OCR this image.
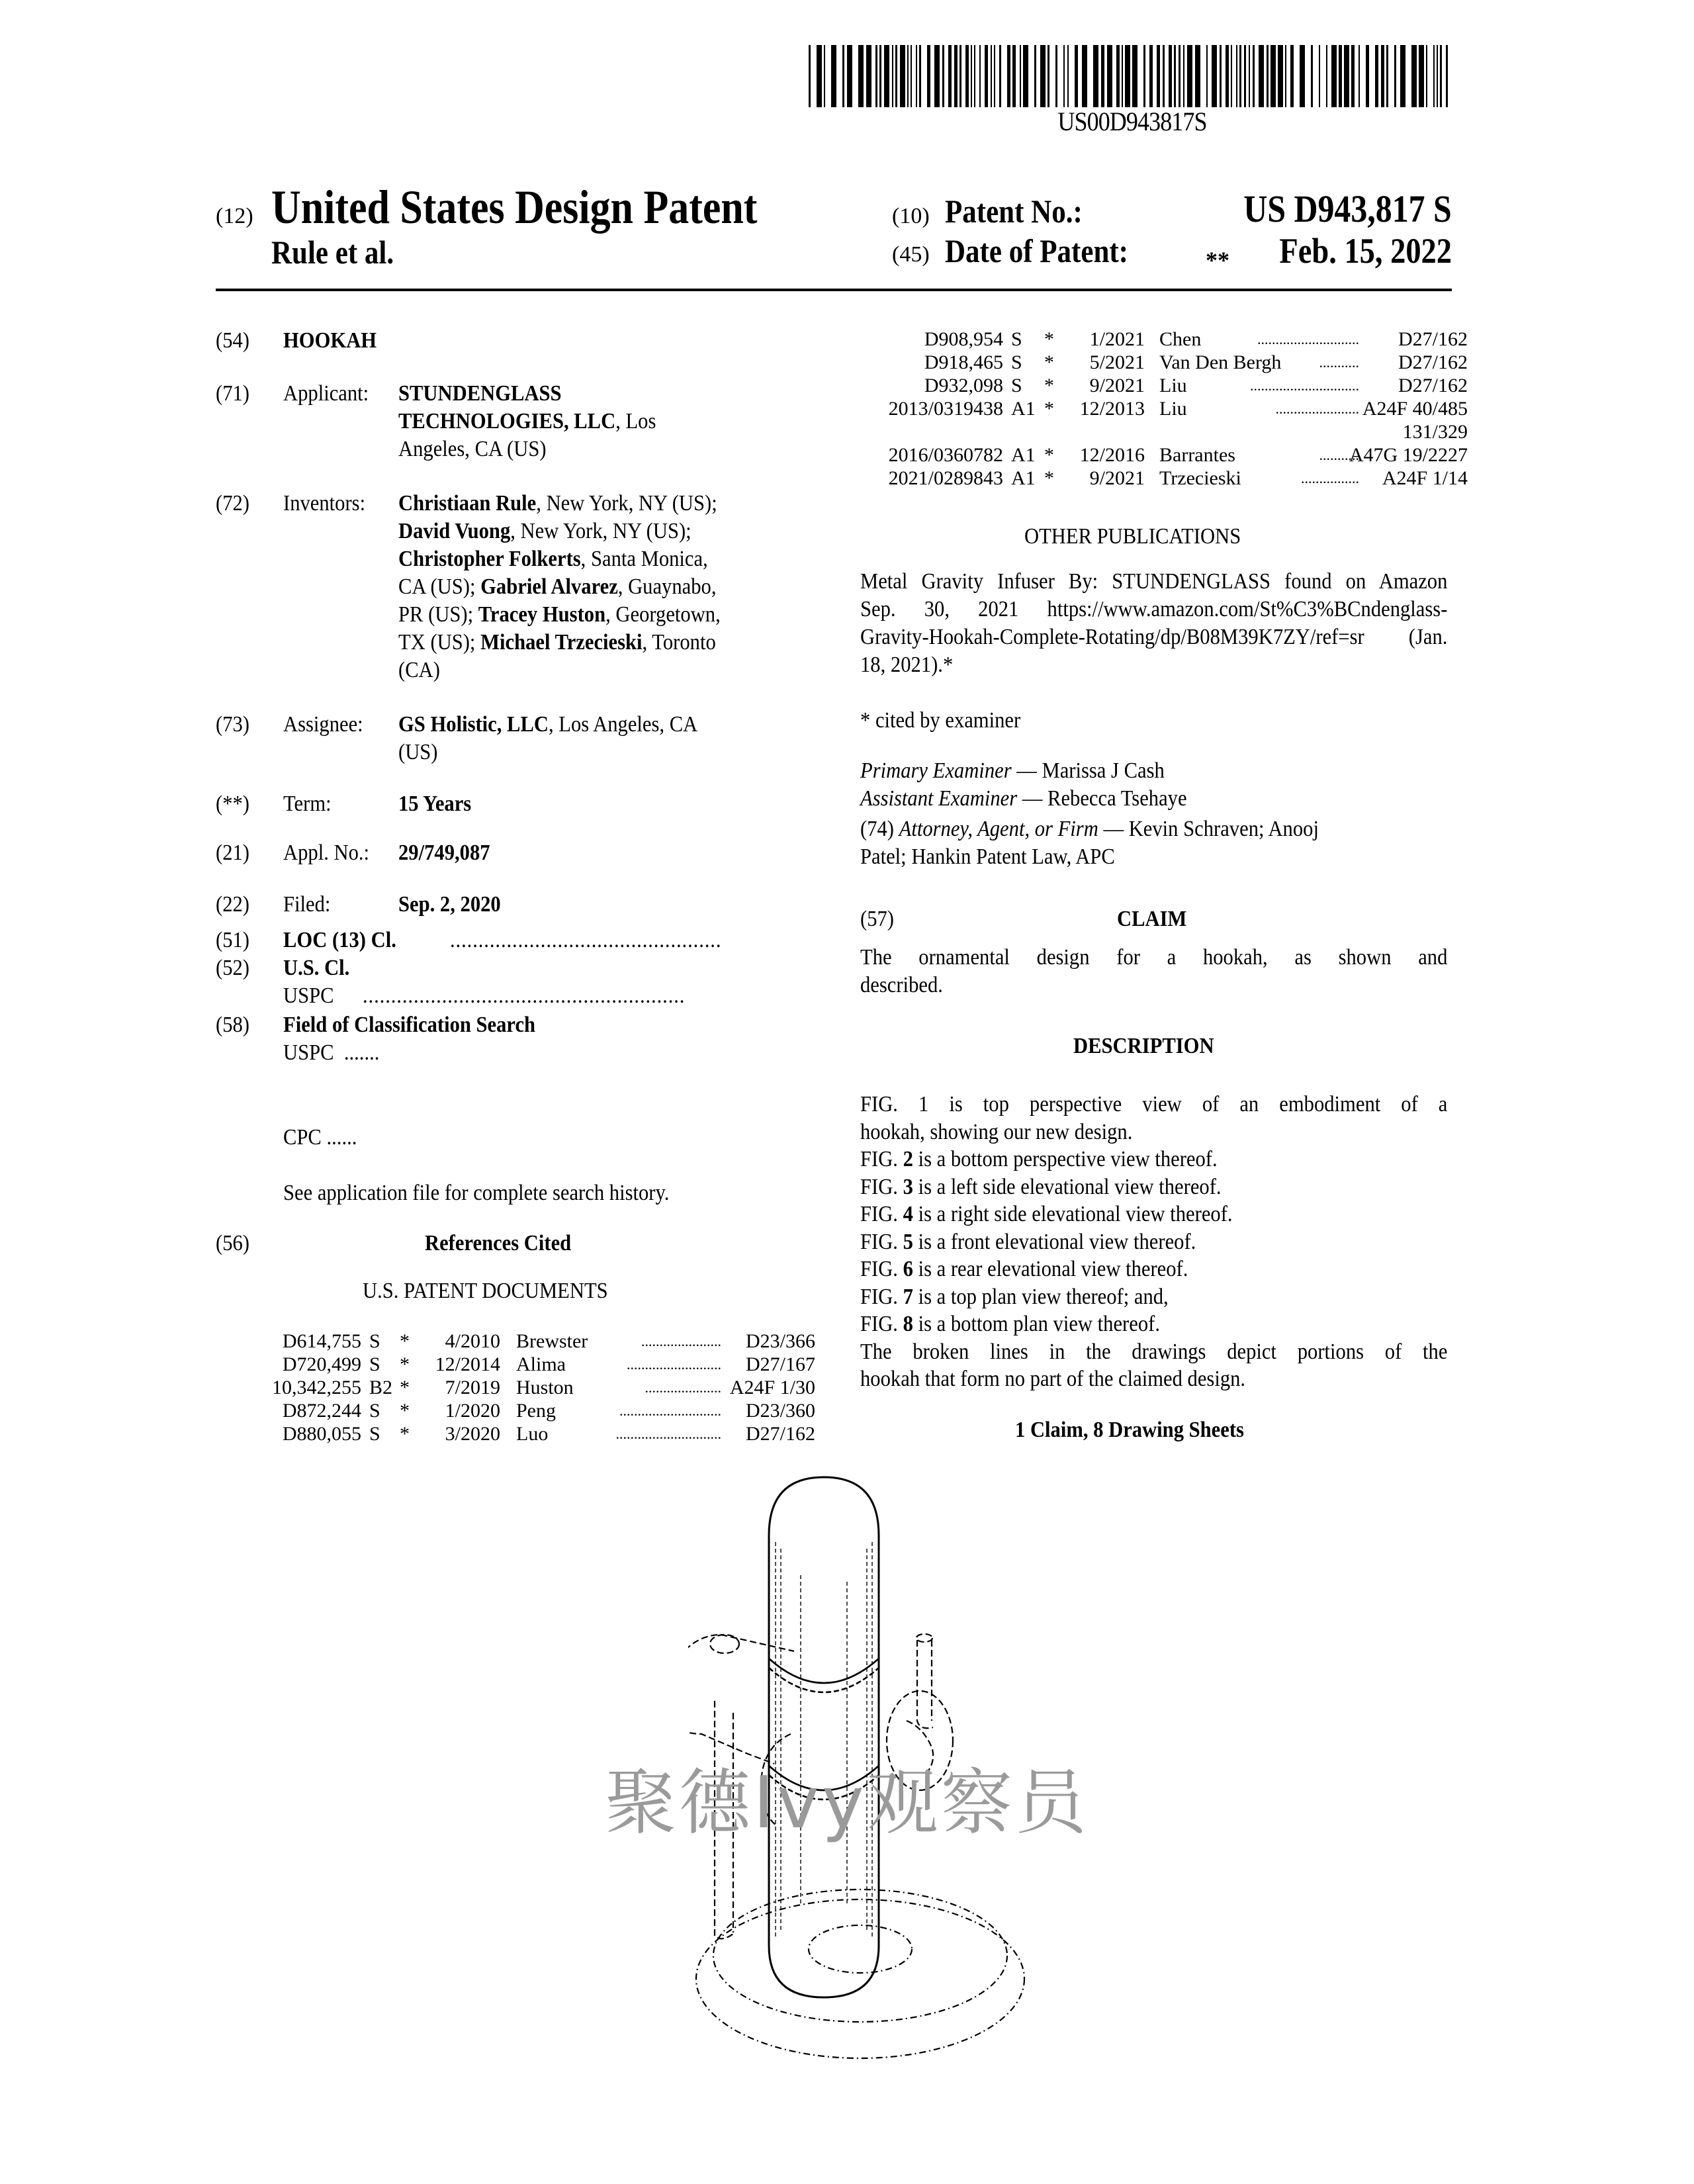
US00D943817S
(12) United States Design Patent
Rule et al.
(10) Patent No.:	US D943,817 S
(45) Date of Patent:	** Feb. 15, 2022
(54) HOOKAH
(71) Applicant: STUNDENGLASS
TECHNOLOGIES, LLC, Los
Angeles, CA (US)
(72) Inventors: Christiaan Rule, New York, NY (US);
David Vuong, New York, NY (US);
Christopher Folkerts, Santa Monica,
CA (US); Gabriel Alvarez, Guaynabo,
PR (US); Tracey Huston, Georgetown,
TX (US); Michael Trzecieski, Toronto
(CA)
(73) Assignee: GS Holistic, LLC, Los Angeles, CA
(US)
(**) Term:	15 Years
(21) Appl. No.: 29/749,087
(22) Filed:	Sep. 2, 2020
(51) LOC (13) Cl. ................................................
(52) U.S. Cl.
USPC .........................................................
(58) Field of Classification Search
USPC .......
CPC ......
See application file for complete search history.
(56)	References Cited
U.S. PATENT DOCUMENTS
D614,755 S * 4/2010 Brewster	D23/366
......................
D720,499 S * 12/2014 Alima	D27/167
..........................
10,342,255 B2 * 7/2019 Huston	A24F 1/30
.....................
D872,244 S * 1/2020 Peng	D23/360
............................
D880,055 S * 3/2020 Luo	D27/162
.............................
D908,954 S * 1/2021 Chen	D27/162
............................
D918,465 S * 5/2021 Van Den Bergh	D27/162
...........
D932,098 S * 9/2021 Liu	D27/162
..............................
2013/0319438 A1 * 12/2013 Liu	A24F 40/485
.......................
131/329
2016/0360782 A1 * 12/2016 Barrantes	A47G 19/2227
...........
2021/0289843 A1 * 9/2021 Trzecieski	A24F 1/14
................
OTHER PUBLICATIONS
Metal Gravity Infuser By: STUNDENGLASS found on Amazon
Sep. 30, 2021 https://www.amazon.com/St%C3%BCndenglass-
Gravity-Hookah-Complete-Rotating/dp/B08M39K7ZY/ref=sr (Jan.
18, 2021).*
* cited by examiner
Primary Examiner — Marissa J Cash
Assistant Examiner — Rebecca Tsehaye
(74) Attorney, Agent, or Firm — Kevin Schraven; Anooj
Patel; Hankin Patent Law, APC
(57)	CLAIM
The ornamental design for a hookah, as shown and
described.
DESCRIPTION
FIG. 1 is top perspective view of an embodiment of a
hookah, showing our new design.
FIG. 2 is a bottom perspective view thereof.
FIG. 3 is a left side elevational view thereof.
FIG. 4 is a right side elevational view thereof.
FIG. 5 is a front elevational view thereof.
FIG. 6 is a rear elevational view thereof.
FIG. 7 is a top plan view thereof; and,
FIG. 8 is a bottom plan view thereof.
The broken lines in the drawings depict portions of the
hookah that form no part of the claimed design.
1 Claim, 8 Drawing Sheets
聚德Ivy观察员
